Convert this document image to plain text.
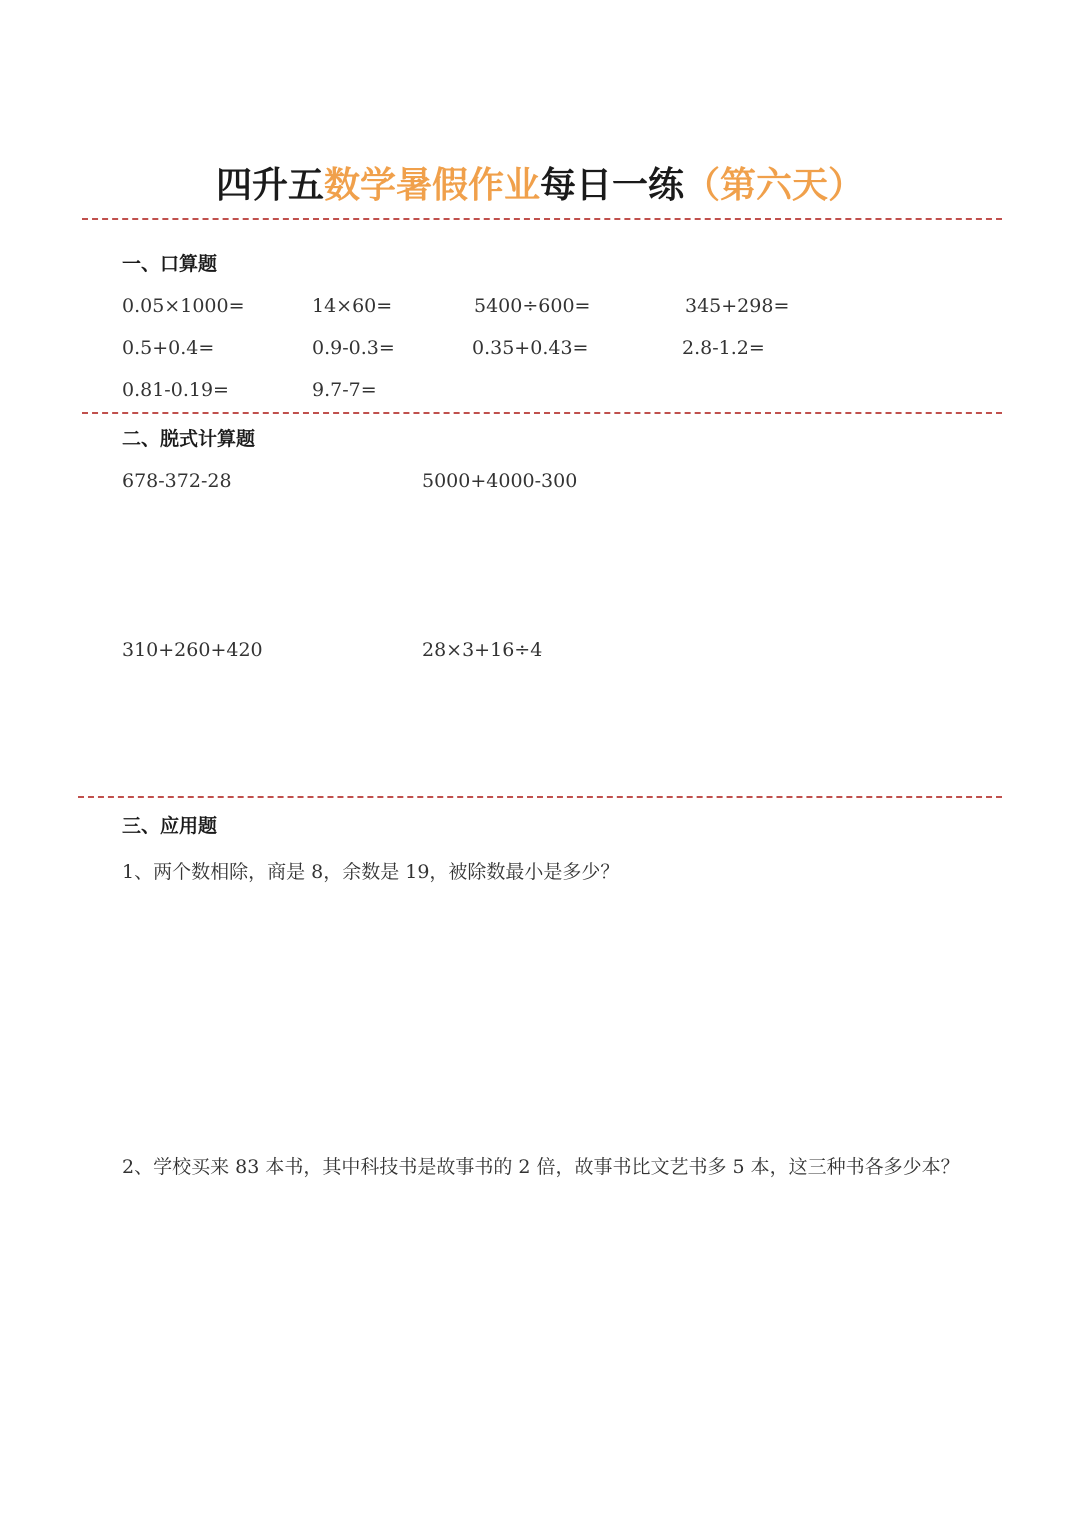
四升五数学暑假作业每日一练（第六天）
一、口算题
0.05×1000=	14×60=	5400÷600=	345+298=
0.5+0.4=	0.9-0.3=	0.35+0.43=	2.8-1.2=
0.81-0.19=	9.7-7=
二、脱式计算题
678-372-28	5000+4000-300
310+260+420	28×3+16÷4
三、应用题
1、两个数相除，商是 8，余数是 19，被除数最小是多少？
2、学校买来 83 本书，其中科技书是故事书的 2 倍，故事书比文艺书多 5 本，这三种书各多少本？
